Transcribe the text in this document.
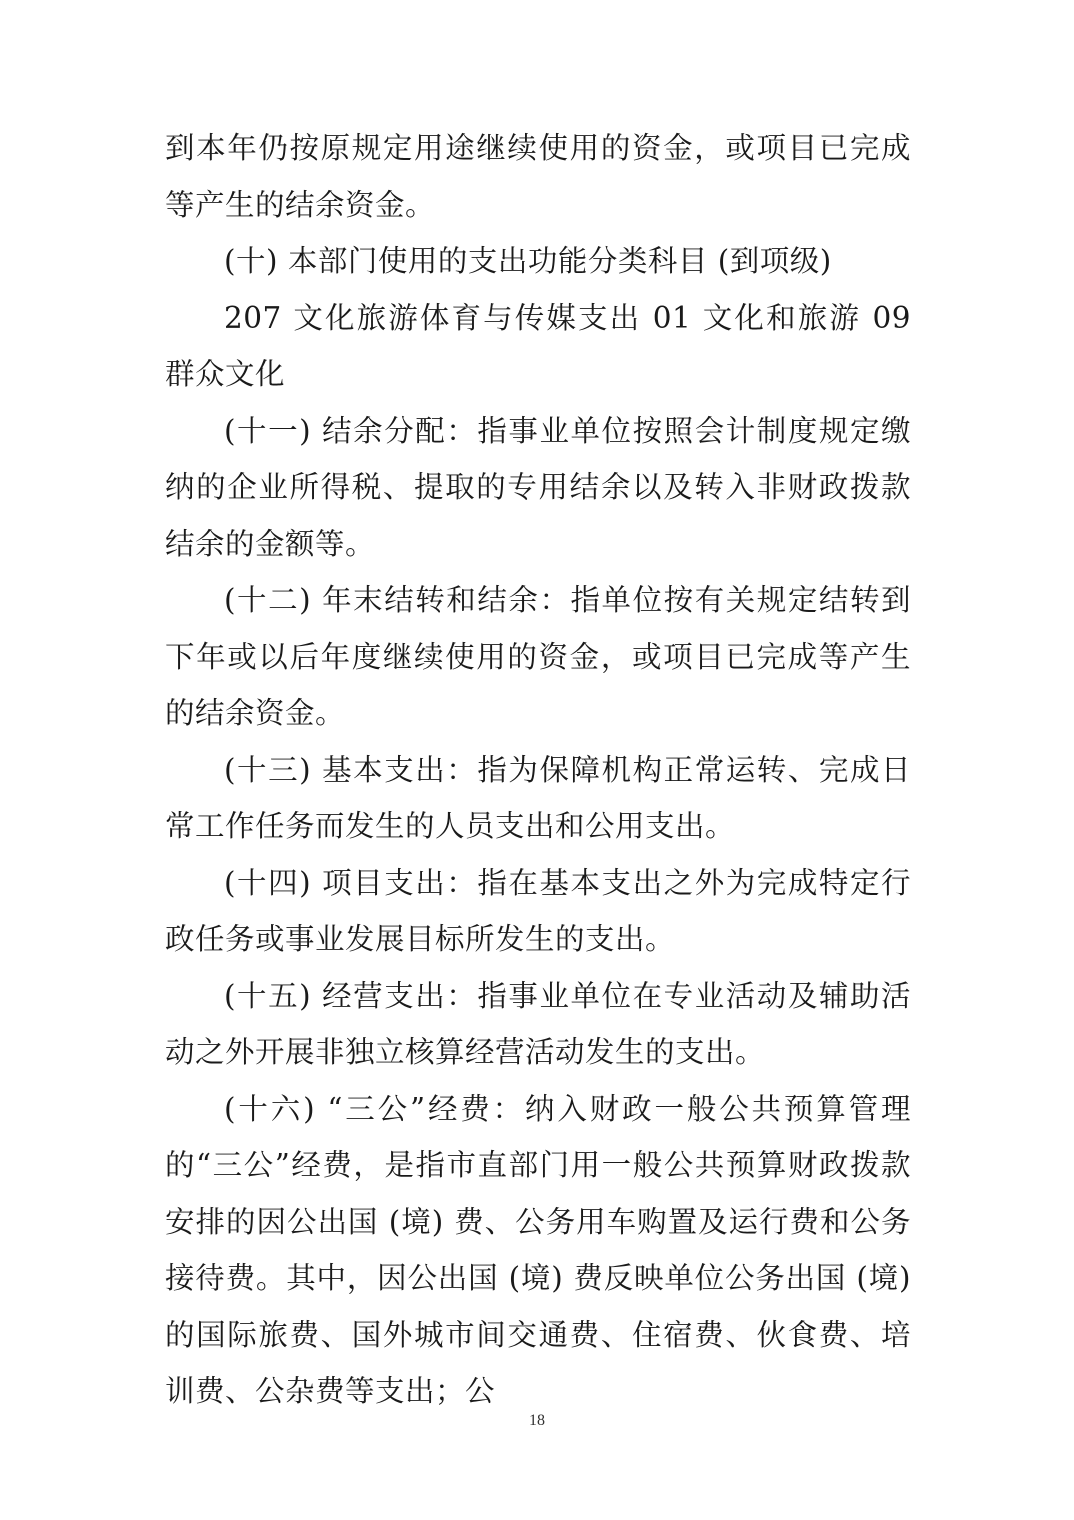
到本年仍按原规定用途继续使用的资金，或项目已完成等产生的结余资金。

(十) 本部门使用的支出功能分类科目 (到项级)

207 文化旅游体育与传媒支出 01 文化和旅游 09 群众文化

(十一) 结余分配：指事业单位按照会计制度规定缴纳的企业所得税、提取的专用结余以及转入非财政拨款结余的金额等。

(十二) 年末结转和结余：指单位按有关规定结转到下年或以后年度继续使用的资金，或项目已完成等产生的结余资金。

(十三) 基本支出：指为保障机构正常运转、完成日常工作任务而发生的人员支出和公用支出。

(十四) 项目支出：指在基本支出之外为完成特定行政任务或事业发展目标所发生的支出。

(十五) 经营支出：指事业单位在专业活动及辅助活动之外开展非独立核算经营活动发生的支出。

(十六) “三公”经费：纳入财政一般公共预算管理的“三公”经费，是指市直部门用一般公共预算财政拨款安排的因公出国 (境) 费、公务用车购置及运行费和公务接待费。其中，因公出国 (境) 费反映单位公务出国 (境) 的国际旅费、国外城市间交通费、住宿费、伙食费、培训费、公杂费等支出；公

18
